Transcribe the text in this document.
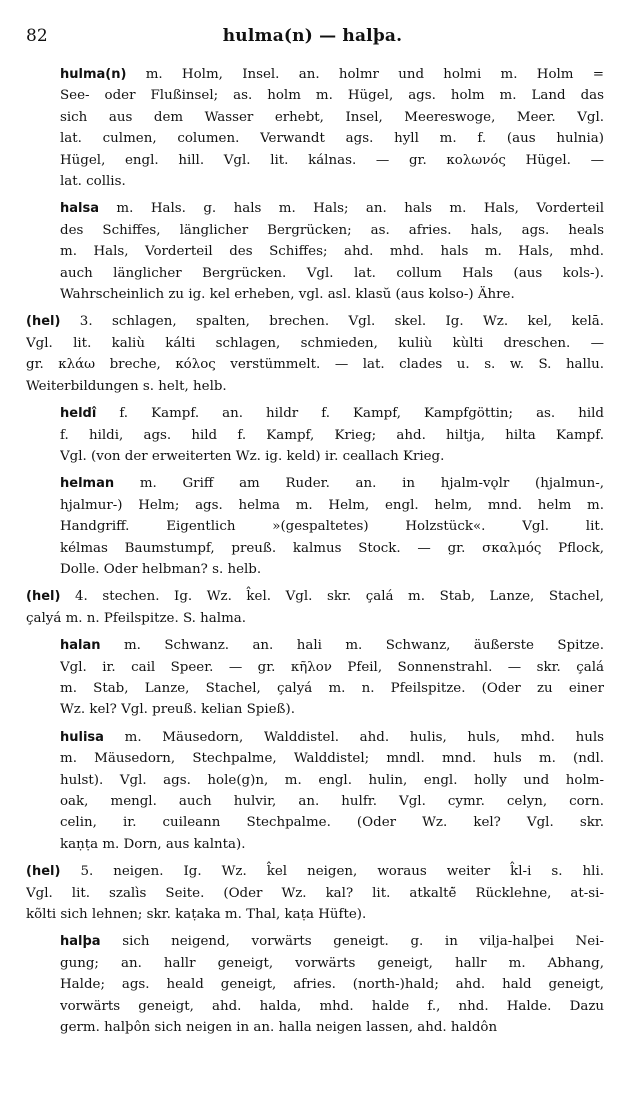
82	hulma(n) — halþa.
hulma(n) m. Holm, Insel. an. holmr und holmi m. Holm =
See- oder Flußinsel; as. holm m. Hügel, ags. holm m. Land das
sich aus dem Wasser erhebt, Insel, Meereswoge, Meer. Vgl.
lat. culmen, columen. Verwandt ags. hyll m. f. (aus hulnia)
Hügel, engl. hill. Vgl. lit. kálnas. — gr. κολωνός Hügel. —
lat. collis.
halsa m. Hals. g. hals m. Hals; an. hals m. Hals, Vorderteil
des Schiffes, länglicher Bergrücken; as. afries. hals, ags. heals
m. Hals, Vorderteil des Schiffes; ahd. mhd. hals m. Hals, mhd.
auch länglicher Bergrücken. Vgl. lat. collum Hals (aus kols-).
Wahrscheinlich zu ig. kel erheben, vgl. asl. klasŭ (aus kolso-) Ähre.
(hel) 3. schlagen, spalten, brechen. Vgl. skel. Ig. Wz. kel, kelā.
Vgl. lit. kaliù kálti schlagen, schmieden, kuliù kùlti dreschen. —
gr. κλάω breche, κόλος verstümmelt. — lat. clades u. s. w. S. hallu.
Weiterbildungen s. helt, helb.
heldî f. Kampf. an. hildr f. Kampf, Kampfgöttin; as. hild
f. hildi, ags. hild f. Kampf, Krieg; ahd. hiltja, hilta Kampf.
Vgl. (von der erweiterten Wz. ig. keld) ir. ceallach Krieg.
helman m. Griff am Ruder. an. in hjalm-vǫlr (hjalmun-,
hjalmur-) Helm; ags. helma m. Helm, engl. helm, mnd. helm m.
Handgriff. Eigentlich »(gespaltetes) Holzstück«. Vgl. lit.
kélmas Baumstumpf, preuß. kalmus Stock. — gr. σκαλμός Pflock,
Dolle. Oder helbman? s. helb.
(hel) 4. stechen. Ig. Wz. k̂el. Vgl. skr. çalá m. Stab, Lanze, Stachel,
çalyá m. n. Pfeilspitze. S. halma.
halan m. Schwanz. an. hali m. Schwanz, äußerste Spitze.
Vgl. ir. cail Speer. — gr. κῆλον Pfeil, Sonnenstrahl. — skr. çalá
m. Stab, Lanze, Stachel, çalyá m. n. Pfeilspitze. (Oder zu einer
Wz. kel? Vgl. preuß. kelian Spieß).
hulisa m. Mäusedorn, Walddistel. ahd. hulis, huls, mhd. huls
m. Mäusedorn, Stechpalme, Walddistel; mndl. mnd. huls m. (ndl.
hulst). Vgl. ags. hole(g)n, m. engl. hulin, engl. holly und holm-
oak, mengl. auch hulvir, an. hulfr. Vgl. cymr. celyn, corn.
celin, ir. cuileann Stechpalme. (Oder Wz. kel? Vgl. skr.
kaṇṭa m. Dorn, aus kalnta).
(hel) 5. neigen. Ig. Wz. k̂el neigen, woraus weiter k̂l-i s. hli.
Vgl. lit. szalìs Seite. (Oder Wz. kal? lit. atkaltė̃ Rücklehne, at-si-
kõlti sich lehnen; skr. kaṭaka m. Thal, kaṭa Hüfte).
halþa sich neigend, vorwärts geneigt. g. in vilja-halþei Nei-
gung; an. hallr geneigt, vorwärts geneigt, hallr m. Abhang,
Halde; ags. heald geneigt, afries. (north-)hald; ahd. hald geneigt,
vorwärts geneigt, ahd. halda, mhd. halde f., nhd. Halde. Dazu
germ. halþôn sich neigen in an. halla neigen lassen, ahd. haldôn
